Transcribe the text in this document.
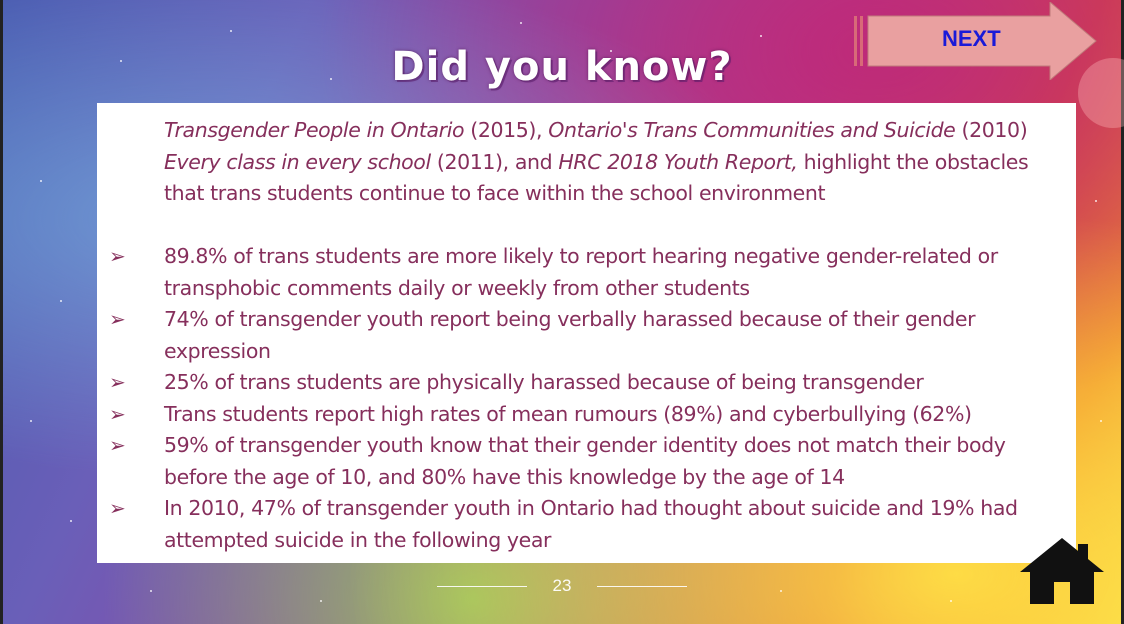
Did you know?
NEXT

Transgender People in Ontario (2015), Ontario's Trans Communities and Suicide (2010)
Every class in every school (2011), and HRC 2018 Youth Report, highlight the obstacles that trans students continue to face within the school environment

➢ 89.8% of trans students are more likely to report hearing negative gender-related or transphobic comments daily or weekly from other students
➢ 74% of transgender youth report being verbally harassed because of their gender expression
➢ 25% of trans students are physically harassed because of being transgender
➢ Trans students report high rates of mean rumours (89%) and cyberbullying (62%)
➢ 59% of transgender youth know that their gender identity does not match their body before the age of 10, and 80% have this knowledge by the age of 14
➢ In 2010, 47% of transgender youth in Ontario had thought about suicide and 19% had attempted suicide in the following year
23
